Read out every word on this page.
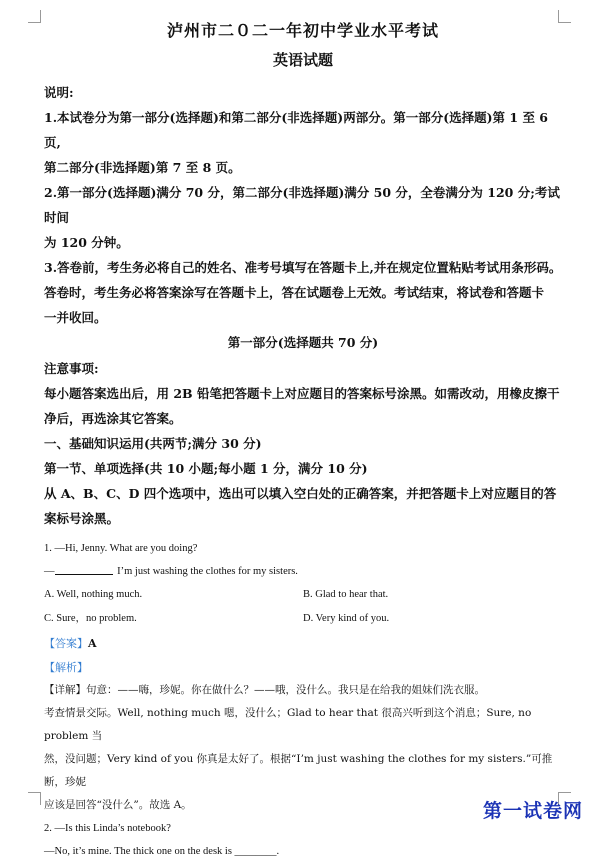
泸州市二０二一年初中学业水平考试

英语试题

说明:

1.本试卷分为第一部分(选择题)和第二部分(非选择题)两部分。第一部分(选择题)第 1 至 6 页,

第二部分(非选择题)第 7 至 8 页。

2.第一部分(选择题)满分 70 分，第二部分(非选择题)满分 50 分，全卷满分为 120 分;考试时间

为 120 分钟。

3.答卷前，考生务必将自己的姓名、准考号填写在答题卡上,并在规定位置粘贴考试用条形码。

答卷时，考生务必将答案涂写在答题卡上，答在试题卷上无效。考试结束，将试卷和答题卡

一并收回。

第一部分(选择题共 70 分)

注意事项:

每小题答案选出后，用 2B 铅笔把答题卡上对应题目的答案标号涂黑。如需改动，用橡皮擦干

净后，再选涂其它答案。

一、基础知识运用(共两节;满分 30 分)

第一节、单项选择(共 10 小题;每小题 1 分，满分 10 分)

从 A、B、C、D 四个选项中，选出可以填入空白处的正确答案，并把答题卡上对应题目的答

案标号涂黑。

1. —Hi, Jenny. What are you doing?

—	I’m just washing the clothes for my sisters.

A. Well, nothing much.	B. Glad to hear that.
C. Sure，no problem.	D. Very kind of you.

【答案】A

【解析】

【详解】句意：——嗨，珍妮。你在做什么？——哦，没什么。我只是在给我的姐妹们洗衣服。

考查情景交际。Well, nothing much 嗯，没什么；Glad to hear that 很高兴听到这个消息；Sure, no problem 当

然，没问题；Very kind of you 你真是太好了。根据“I’m just washing the clothes for my sisters.”可推断，珍妮

应该是回答“没什么”。故选 A。

2. —Is this Linda’s notebook?

—No, it’s mine. The thick one on the desk is ________.

第一试卷网
